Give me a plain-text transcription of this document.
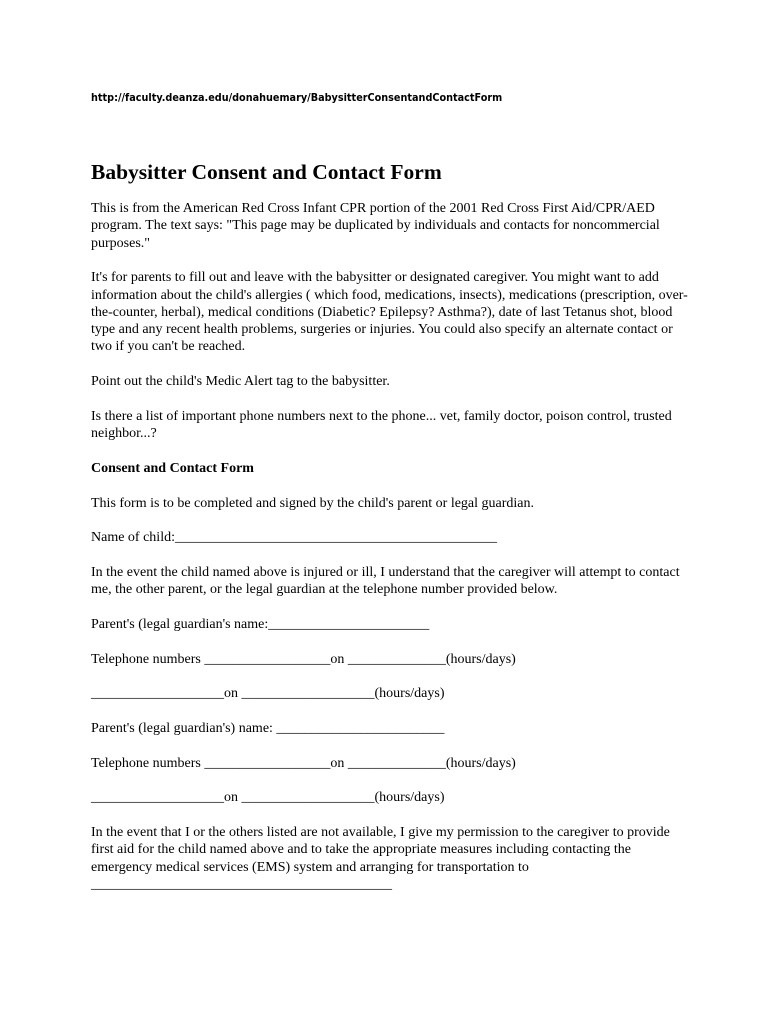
http://faculty.deanza.edu/donahuemary/BabysitterConsentandContactForm
Babysitter Consent and Contact Form

This is from the American Red Cross Infant CPR portion of the 2001 Red Cross First Aid/CPR/AED program. The text says: "This page may be duplicated by individuals and contacts for noncommercial purposes."

It's for parents to fill out and leave with the babysitter or designated caregiver. You might want to add information about the child's allergies ( which food, medications, insects), medications (prescription, over-the-counter, herbal), medical conditions (Diabetic? Epilepsy? Asthma?), date of last Tetanus shot, blood type and any recent health problems, surgeries or injuries. You could also specify an alternate contact or two if you can't be reached.

Point out the child's Medic Alert tag to the babysitter.

Is there a list of important phone numbers next to the phone... vet, family doctor, poison control, trusted neighbor...?

Consent and Contact Form

This form is to be completed and signed by the child's parent or legal guardian.

Name of child:______________________________________________

In the event the child named above is injured or ill, I understand that the caregiver will attempt to contact me, the other parent, or the legal guardian at the telephone number provided below.

Parent's (legal guardian's name:_______________________

Telephone numbers __________________on ______________(hours/days)

___________________on ___________________(hours/days)

Parent's (legal guardian's) name: ________________________

Telephone numbers __________________on ______________(hours/days)

___________________on ___________________(hours/days)

In the event that I or the others listed are not available, I give my permission to the caregiver to provide first aid for the child named above and to take the appropriate measures including contacting the emergency medical services (EMS) system and arranging for transportation to
___________________________________________
